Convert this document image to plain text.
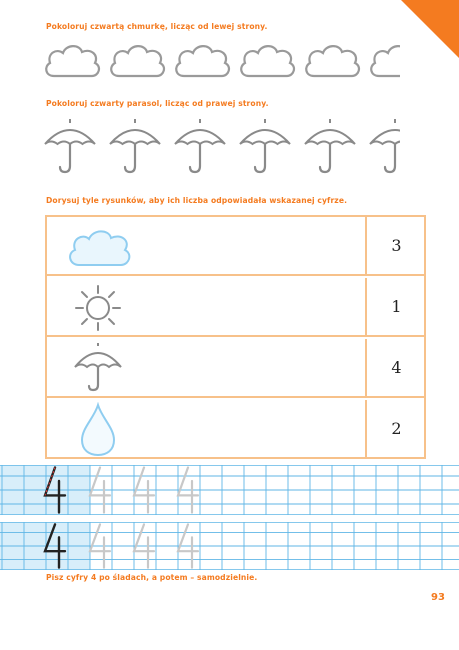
Pokoloruj czwartą chmurkę, licząc od lewej strony.
Pokoloruj czwarty parasol, licząc od prawej strony.
Dorysuj tyle rysunków, aby ich liczba odpowiadała wskazanej cyfrze.
3
1
4
2
Pisz cyfry 4 po śladach, a potem – samodzielnie.
93
